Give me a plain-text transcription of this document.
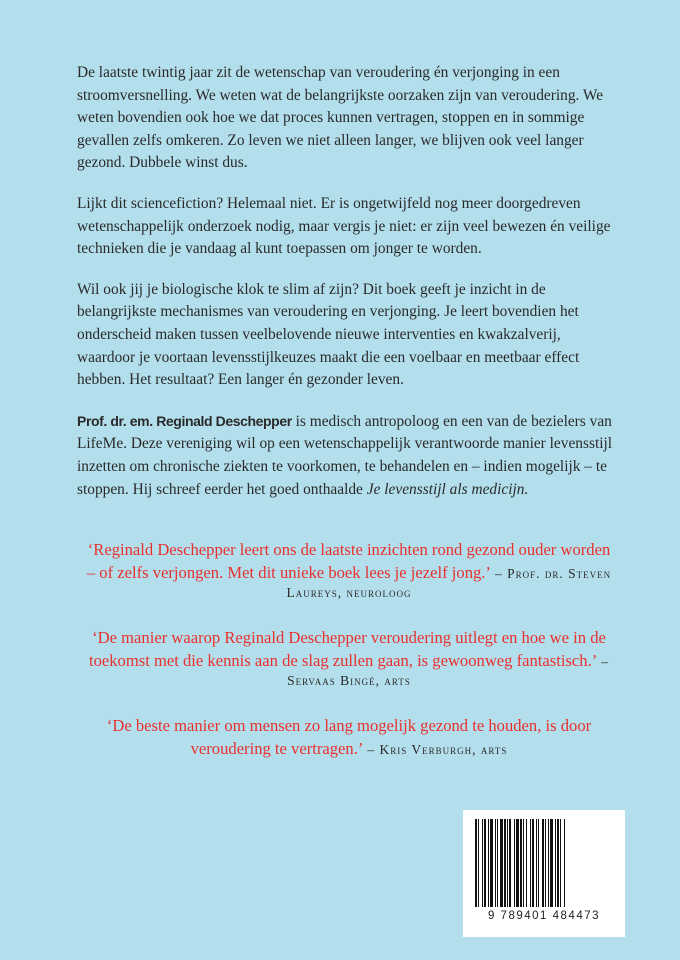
De laatste twintig jaar zit de wetenschap van veroudering én verjonging in een stroomversnelling. We weten wat de belangrijkste oorzaken zijn van veroudering. We weten bovendien ook hoe we dat proces kunnen vertragen, stoppen en in sommige gevallen zelfs omkeren. Zo leven we niet alleen langer, we blijven ook veel langer gezond. Dubbele winst dus.

Lijkt dit sciencefiction? Helemaal niet. Er is ongetwijfeld nog meer doorgedreven wetenschappelijk onderzoek nodig, maar vergis je niet: er zijn veel bewezen én veilige technieken die je vandaag al kunt toepassen om jonger te worden.

Wil ook jij je biologische klok te slim af zijn? Dit boek geeft je inzicht in de belangrijkste mechanismes van veroudering en verjonging. Je leert bovendien het onderscheid maken tussen veelbelovende nieuwe interventies en kwakzalverij, waardoor je voortaan levensstijlkeuzes maakt die een voelbaar en meetbaar effect hebben. Het resultaat? Een langer én gezonder leven.

Prof. dr. em. Reginald Deschepper is medisch antropoloog en een van de bezielers van LifeMe. Deze vereniging wil op een wetenschappelijk verantwoorde manier levensstijl inzetten om chronische ziekten te voorkomen, te behandelen en – indien mogelijk – te stoppen. Hij schreef eerder het goed onthaalde Je levensstijl als medicijn.

‘Reginald Deschepper leert ons de laatste inzichten rond gezond ouder worden – of zelfs verjongen. Met dit unieke boek lees je jezelf jong.’ – Prof. dr. Steven Laureys, neuroloog

‘De manier waarop Reginald Deschepper veroudering uitlegt en hoe we in de toekomst met die kennis aan de slag zullen gaan, is gewoonweg fantastisch.’ – Servaas Bingé, arts

‘De beste manier om mensen zo lang mogelijk gezond te houden, is door veroudering te vertragen.’ – Kris Verburgh, arts

9 789401 484473
